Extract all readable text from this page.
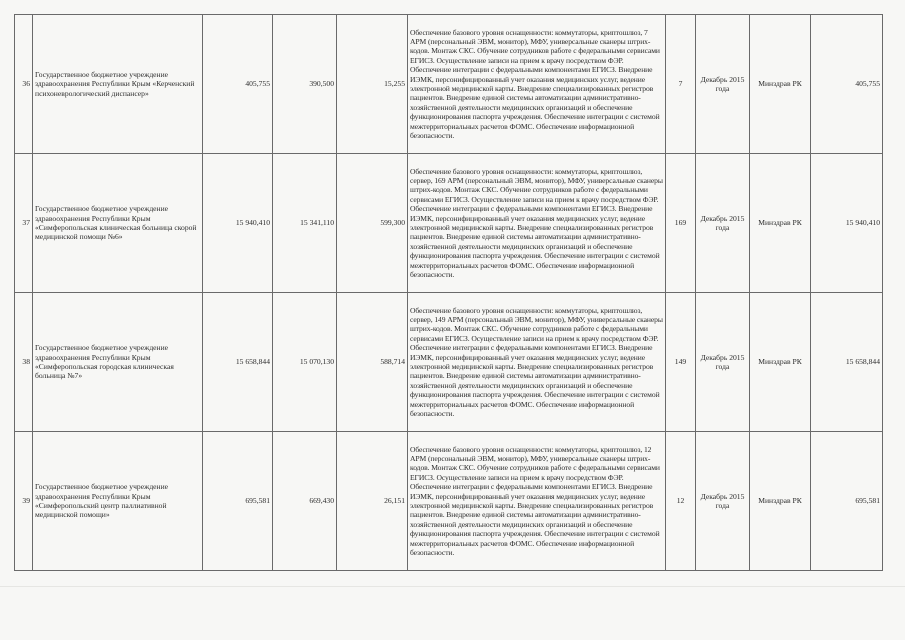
36	Государственное бюджетное учреждение здравоохранения Республики Крым «Керченский психоневрологический диспансер»	405,755	390,500	15,255	Обеспечение базового уровня оснащенности: коммутаторы, криптошлюз, 7 АРМ (персональный ЭВМ, монитор), МФУ, универсальные сканеры штрих-кодов. Монтаж СКС. Обучение сотрудников работе с федеральными сервисами ЕГИСЗ. Осуществление записи на прием к врачу посредством ФЭР. Обеспечение интеграции с федеральными компонентами ЕГИСЗ. Внедрение ИЭМК, персонифицированный учет оказания медицинских услуг, ведение электронной медицинской карты. Внедрение специализированных регистров пациентов. Внедрение единой системы автоматизации административно-хозяйственной деятельности медицинских организаций и обеспечение функционирования паспорта учреждения. Обеспечение интеграции с системой межтерриториальных расчетов ФОМС. Обеспечение информационной безопасности.	7	Декабрь 2015 года	Минздрав РК	405,755
37	Государственное бюджетное учреждение здравоохранения Республики Крым «Симферопольская клиническая больница скорой медицинской помощи №6»	15 940,410	15 341,110	599,300	Обеспечение базового уровня оснащенности: коммутаторы, криптошлюз, сервер, 169 АРМ (персональный ЭВМ, монитор), МФУ, универсальные сканеры штрих-кодов. Монтаж СКС. Обучение сотрудников работе с федеральными сервисами ЕГИСЗ. Осуществление записи на прием к врачу посредством ФЭР. Обеспечение интеграции с федеральными компонентами ЕГИСЗ. Внедрение ИЭМК, персонифицированный учет оказания медицинских услуг, ведение электронной медицинской карты. Внедрение специализированных регистров пациентов. Внедрение единой системы автоматизации административно-хозяйственной деятельности медицинских организаций и обеспечение функционирования паспорта учреждения. Обеспечение интеграции с системой межтерриториальных расчетов ФОМС. Обеспечение информационной безопасности.	169	Декабрь 2015 года	Минздрав РК	15 940,410
38	Государственное бюджетное учреждение здравоохранения Республики Крым «Симферопольская городская клиническая больница №7»	15 658,844	15 070,130	588,714	Обеспечение базового уровня оснащенности: коммутаторы, криптошлюз, сервер, 149 АРМ (персональный ЭВМ, монитор), МФУ, универсальные сканеры штрих-кодов. Монтаж СКС. Обучение сотрудников работе с федеральными сервисами ЕГИСЗ. Осуществление записи на прием к врачу посредством ФЭР. Обеспечение интеграции с федеральными компонентами ЕГИСЗ. Внедрение ИЭМК, персонифицированный учет оказания медицинских услуг, ведение электронной медицинской карты. Внедрение специализированных регистров пациентов. Внедрение единой системы автоматизации административно-хозяйственной деятельности медицинских организаций и обеспечение функционирования паспорта учреждения. Обеспечение интеграции с системой межтерриториальных расчетов ФОМС. Обеспечение информационной безопасности.	149	Декабрь 2015 года	Минздрав РК	15 658,844
39	Государственное бюджетное учреждение здравоохранения Республики Крым «Симферопольский центр паллиативной медицинской помощи»	695,581	669,430	26,151	Обеспечение базового уровня оснащенности: коммутаторы, криптошлюз, 12 АРМ (персональный ЭВМ, монитор), МФУ, универсальные сканеры штрих-кодов. Монтаж СКС. Обучение сотрудников работе с федеральными сервисами ЕГИСЗ. Осуществление записи на прием к врачу посредством ФЭР. Обеспечение интеграции с федеральными компонентами ЕГИСЗ. Внедрение ИЭМК, персонифицированный учет оказания медицинских услуг, ведение электронной медицинской карты. Внедрение специализированных регистров пациентов. Внедрение единой системы автоматизации административно-хозяйственной деятельности медицинских организаций и обеспечение функционирования паспорта учреждения. Обеспечение интеграции с системой межтерриториальных расчетов ФОМС. Обеспечение информационной безопасности.	12	Декабрь 2015 года	Минздрав РК	695,581
